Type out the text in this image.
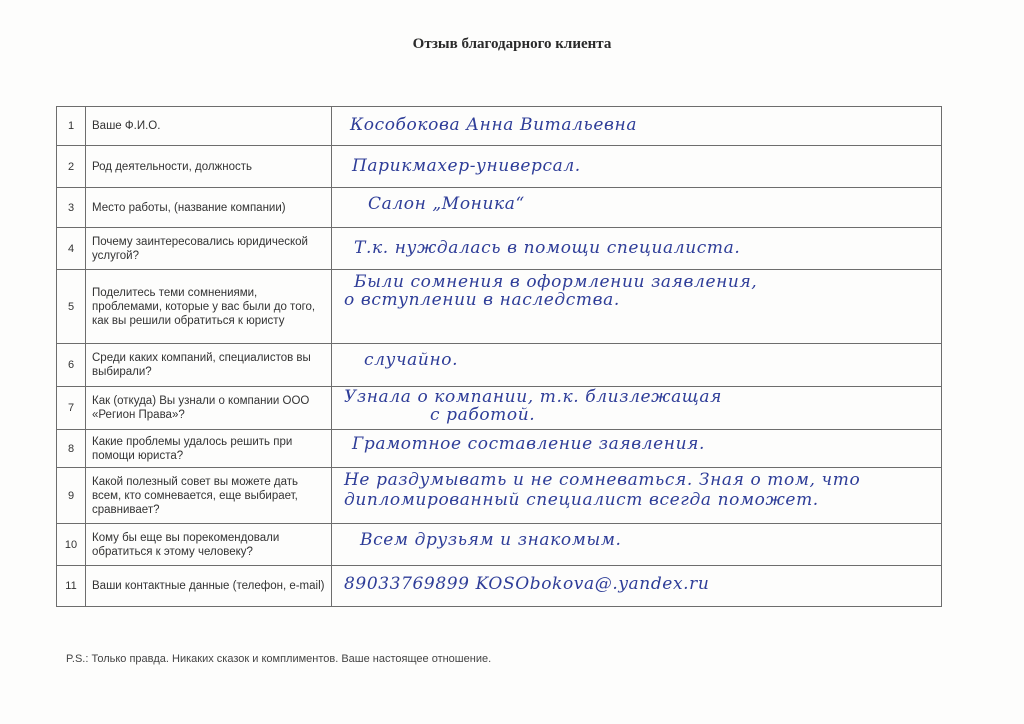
Отзыв благодарного клиента
1	Ваше Ф.И.О.	Кособокова Анна Витальевна

2	Род деятельности, должность	Парикмахер-универсал.

3	Место работы, (название компании)	Салон „Моника“

4	Почему заинтересовались юридической услугой?	Т.к. нуждалась в помощи специалиста.

5	Поделитесь теми сомнениями, проблемами, которые у вас были до того, как вы решили обратиться к юристу	Были сомнения в оформлении заявления,
о вступлении в наследства.

6	Среди каких компаний, специалистов вы выбирали?	случайно.

7	Как (откуда) Вы узнали о компании ООО «Регион Права»?	Узнала о компании, т.к. близлежащая
с работой.

8	Какие проблемы удалось решить при помощи юриста?	Грамотное составление заявления.

9	Какой полезный совет вы можете дать всем, кто сомневается, еще выбирает, сравнивает?	Не раздумывать и не сомневаться. Зная о том, что
дипломированный специалист всегда поможет.

10	Кому бы еще вы порекомендовали обратиться к этому человеку?	Всем друзьям и знакомым.

11	Ваши контактные данные (телефон, e-mail)	89033769899 KOSObokova@.yandex.ru
P.S.: Только правда. Никаких сказок и комплиментов. Ваше настоящее отношение.
